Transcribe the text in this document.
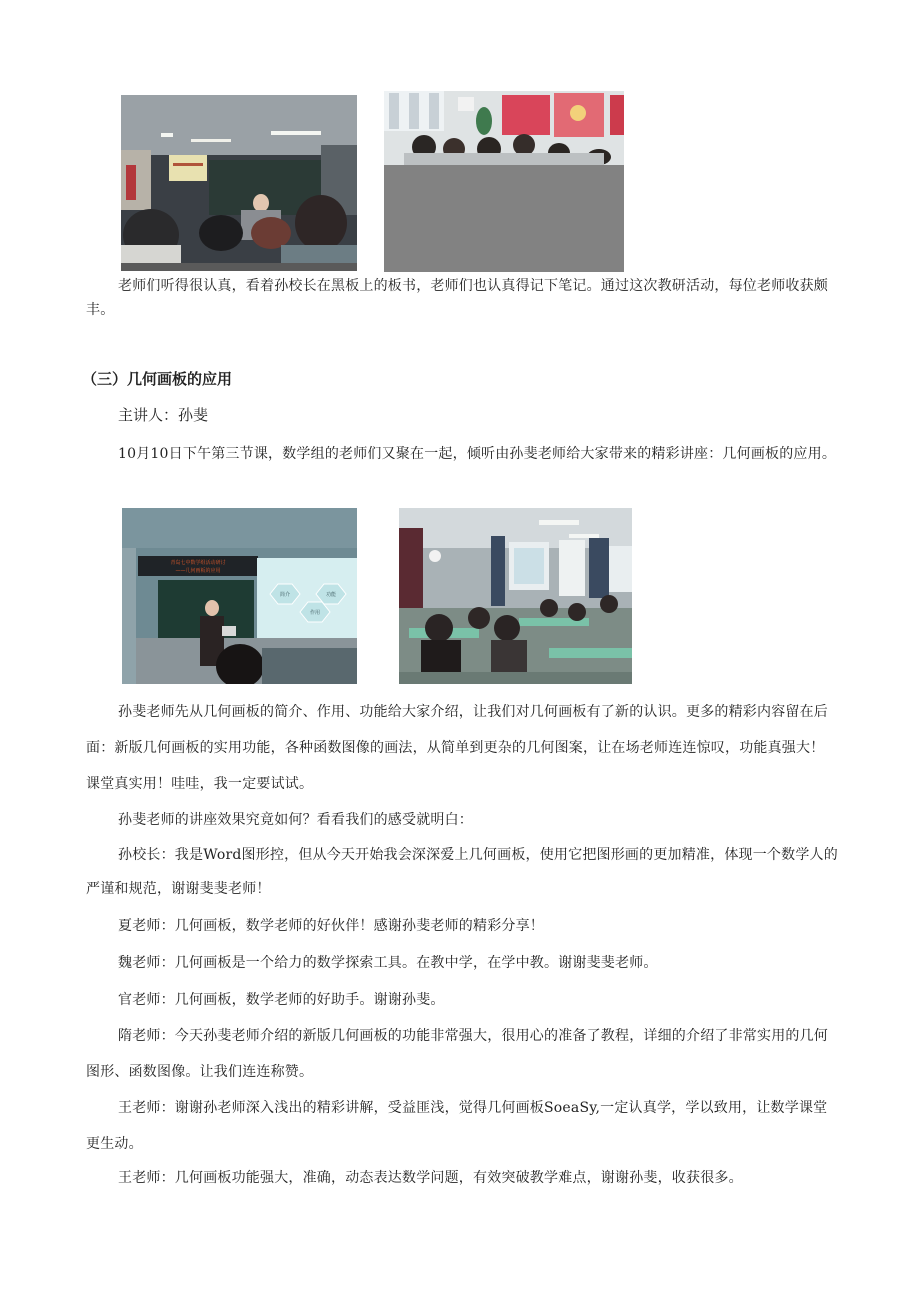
老师们听得很认真，看着孙校长在黑板上的板书，老师们也认真得记下笔记。通过这次教研活动，每位老师收获颇丰。

（三）几何画板的应用
主讲人：孙斐

10月10日下午第三节课，数学组的老师们又聚在一起，倾听由孙斐老师给大家带来的精彩讲座：几何画板的应用。

青岛七中数学组活动研讨
——几何画板的应用
简介
作用
功能

孙斐老师先从几何画板的简介、作用、功能给大家介绍，让我们对几何画板有了新的认识。更多的精彩内容留在后面：新版几何画板的实用功能，各种函数图像的画法，从简单到更杂的几何图案，让在场老师连连惊叹，功能真强大！课堂真实用！哇哇，我一定要试试。

孙斐老师的讲座效果究竟如何？看看我们的感受就明白：

孙校长：我是Word图形控，但从今天开始我会深深爱上几何画板，使用它把图形画的更加精准，体现一个数学人的严谨和规范，谢谢斐斐老师！

夏老师：几何画板，数学老师的好伙伴！感谢孙斐老师的精彩分享！

魏老师：几何画板是一个给力的数学探索工具。在教中学，在学中教。谢谢斐斐老师。

官老师：几何画板，数学老师的好助手。谢谢孙斐。

隋老师：今天孙斐老师介绍的新版几何画板的功能非常强大，很用心的准备了教程，详细的介绍了非常实用的几何图形、函数图像。让我们连连称赞。

王老师：谢谢孙老师深入浅出的精彩讲解，受益匪浅，觉得几何画板SoeaSy,一定认真学，学以致用，让数学课堂更生动。

王老师：几何画板功能强大，准确，动态表达数学问题，有效突破教学难点，谢谢孙斐，收获很多。
